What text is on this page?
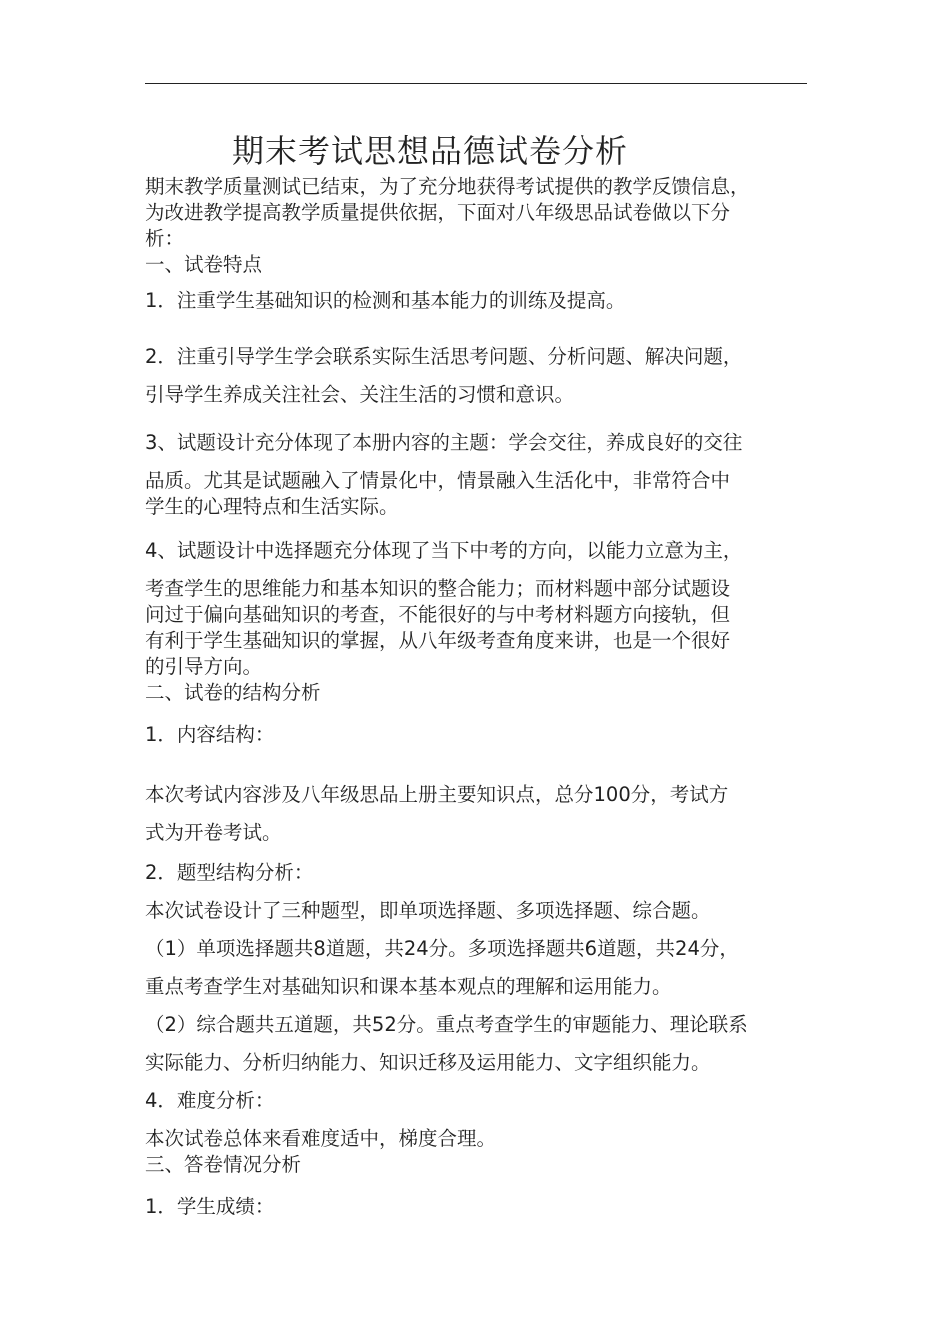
期末考试思想品德试卷分析

期末教学质量测试已结束，为了充分地获得考试提供的教学反馈信息，

为改进教学提高教学质量提供依据，下面对八年级思品试卷做以下分

析：

一、试卷特点

1．注重学生基础知识的检测和基本能力的训练及提高。

2．注重引导学生学会联系实际生活思考问题、分析问题、解决问题，

引导学生养成关注社会、关注生活的习惯和意识。

3、试题设计充分体现了本册内容的主题：学会交往，养成良好的交往

品质。尤其是试题融入了情景化中，情景融入生活化中，非常符合中

学生的心理特点和生活实际。

4、试题设计中选择题充分体现了当下中考的方向，以能力立意为主，

考查学生的思维能力和基本知识的整合能力；而材料题中部分试题设

问过于偏向基础知识的考查，不能很好的与中考材料题方向接轨，但

有利于学生基础知识的掌握，从八年级考查角度来讲，也是一个很好

的引导方向。

二、试卷的结构分析

1．内容结构：

本次考试内容涉及八年级思品上册主要知识点，总分100分，考试方

式为开卷考试。

2．题型结构分析：

本次试卷设计了三种题型，即单项选择题、多项选择题、综合题。

（1）单项选择题共8道题，共24分。多项选择题共6道题，共24分，

重点考查学生对基础知识和课本基本观点的理解和运用能力。

（2）综合题共五道题，共52分。重点考查学生的审题能力、理论联系

实际能力、分析归纳能力、知识迁移及运用能力、文字组织能力。

4．难度分析：

本次试卷总体来看难度适中，梯度合理。

三、答卷情况分析

1．学生成绩：
